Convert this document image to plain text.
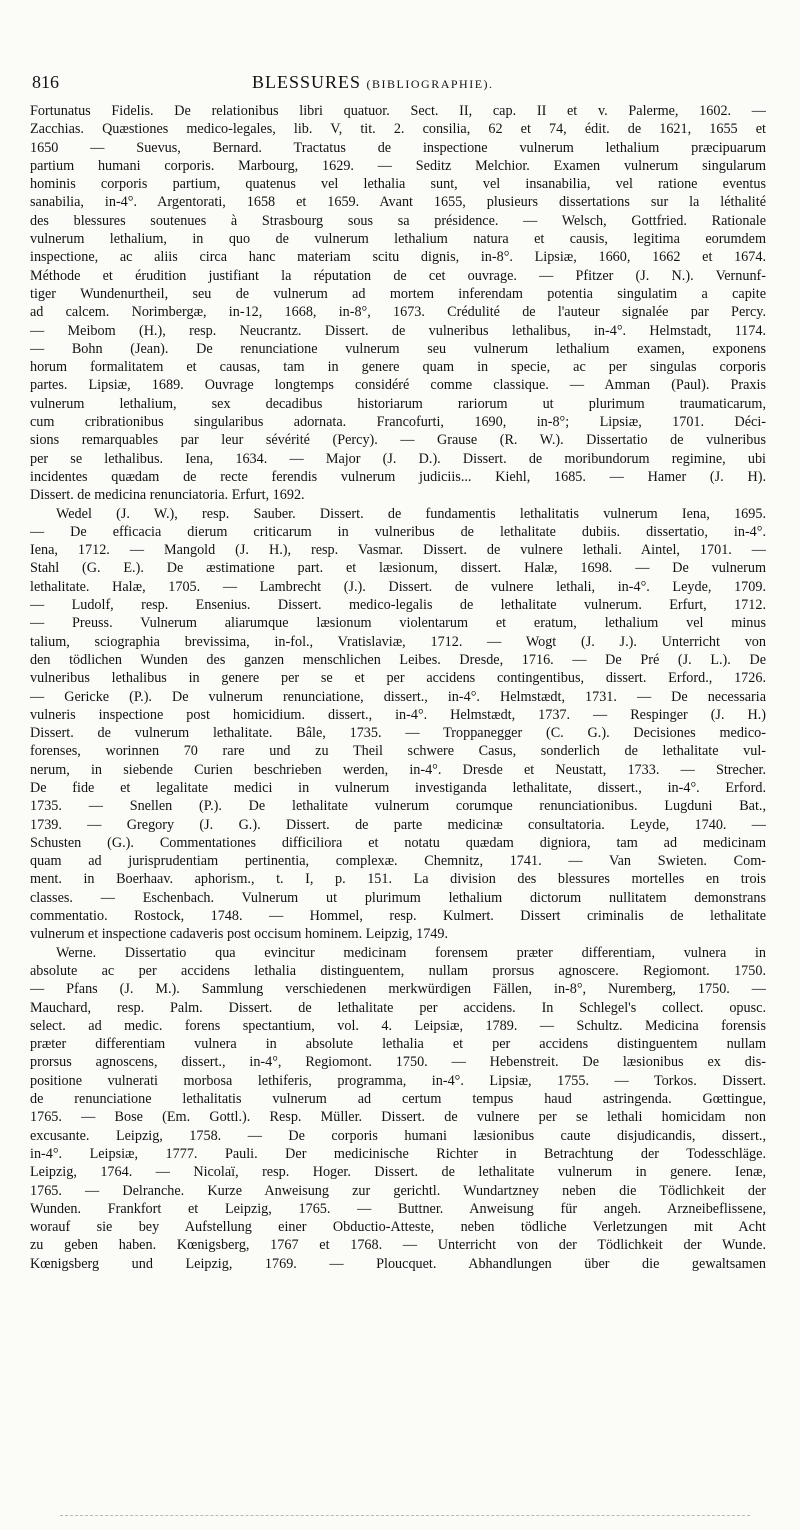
816	BLESSURES (BIBLIOGRAPHIE).
Fortunatus Fidelis. De relationibus libri quatuor. Sect. II, cap. II et v. Palerme, 1602. —
Zacchias. Quæstiones medico-legales, lib. V, tit. 2. consilia, 62 et 74, édit. de 1621, 1655 et
1650 — Suevus, Bernard. Tractatus de inspectione vulnerum lethalium præcipuarum
partium humani corporis. Marbourg, 1629. — Seditz Melchior. Examen vulnerum singularum
hominis corporis partium, quatenus vel lethalia sunt, vel insanabilia, vel ratione eventus
sanabilia, in-4°. Argentorati, 1658 et 1659. Avant 1655, plusieurs dissertations sur la léthalité
des blessures soutenues à Strasbourg sous sa présidence. — Welsch, Gottfried. Rationale
vulnerum lethalium, in quo de vulnerum lethalium natura et causis, legitima eorumdem
inspectione, ac aliis circa hanc materiam scitu dignis, in-8°. Lipsiæ, 1660, 1662 et 1674.
Méthode et érudition justifiant la réputation de cet ouvrage. — Pfitzer (J. N.). Vernunf-
tiger Wundenurtheil, seu de vulnerum ad mortem inferendam potentia singulatim a capite
ad calcem. Norimbergæ, in-12, 1668, in-8°, 1673. Crédulité de l'auteur signalée par Percy.
— Meibom (H.), resp. Neucrantz. Dissert. de vulneribus lethalibus, in-4°. Helmstadt, 1174.
— Bohn (Jean). De renunciatione vulnerum seu vulnerum lethalium examen, exponens
horum formalitatem et causas, tam in genere quam in specie, ac per singulas corporis
partes. Lipsiæ, 1689. Ouvrage longtemps considéré comme classique. — Amman (Paul). Praxis
vulnerum lethalium, sex decadibus historiarum rariorum ut plurimum traumaticarum,
cum cribrationibus singularibus adornata. Francofurti, 1690, in-8°; Lipsiæ, 1701. Déci-
sions remarquables par leur sévérité (Percy). — Grause (R. W.). Dissertatio de vulneribus
per se lethalibus. Iena, 1634. — Major (J. D.). Dissert. de moribundorum regimine, ubi
incidentes quædam de recte ferendis vulnerum judiciis... Kiehl, 1685. — Hamer (J. H).
Dissert. de medicina renunciatoria. Erfurt, 1692.
Wedel (J. W.), resp. Sauber. Dissert. de fundamentis lethalitatis vulnerum Iena, 1695.
— De efficacia dierum criticarum in vulneribus de lethalitate dubiis. dissertatio, in-4°.
Iena, 1712. — Mangold (J. H.), resp. Vasmar. Dissert. de vulnere lethali. Aintel, 1701. —
Stahl (G. E.). De æstimatione part. et læsionum, dissert. Halæ, 1698. — De vulnerum
lethalitate. Halæ, 1705. — Lambrecht (J.). Dissert. de vulnere lethali, in-4°. Leyde, 1709.
— Ludolf, resp. Ensenius. Dissert. medico-legalis de lethalitate vulnerum. Erfurt, 1712.
— Preuss. Vulnerum aliarumque læsionum violentarum et eratum, lethalium vel minus
talium, sciographia brevissima, in-fol., Vratislaviæ, 1712. — Wogt (J. J.). Unterricht von
den tödlichen Wunden des ganzen menschlichen Leibes. Dresde, 1716. — De Pré (J. L.). De
vulneribus lethalibus in genere per se et per accidens contingentibus, dissert. Erford., 1726.
— Gericke (P.). De vulnerum renunciatione, dissert., in-4°. Helmstædt, 1731. — De necessaria
vulneris inspectione post homicidium. dissert., in-4°. Helmstædt, 1737. — Respinger (J. H.)
Dissert. de vulnerum lethalitate. Bâle, 1735. — Troppanegger (C. G.). Decisiones medico-
forenses, worinnen 70 rare und zu Theil schwere Casus, sonderlich de lethalitate vul-
nerum, in siebende Curien beschrieben werden, in-4°. Dresde et Neustatt, 1733. — Strecher.
De fide et legalitate medici in vulnerum investiganda lethalitate, dissert., in-4°. Erford.
1735. — Snellen (P.). De lethalitate vulnerum corumque renunciationibus. Lugduni Bat.,
1739. — Gregory (J. G.). Dissert. de parte medicinæ consultatoria. Leyde, 1740. —
Schusten (G.). Commentationes difficiliora et notatu quædam digniora, tam ad medicinam
quam ad jurisprudentiam pertinentia, complexæ. Chemnitz, 1741. — Van Swieten. Com-
ment. in Boerhaav. aphorism., t. I, p. 151. La division des blessures mortelles en trois
classes. — Eschenbach. Vulnerum ut plurimum lethalium dictorum nullitatem demonstrans
commentatio. Rostock, 1748. — Hommel, resp. Kulmert. Dissert criminalis de lethalitate
vulnerum et inspectione cadaveris post occisum hominem. Leipzig, 1749.
Werne. Dissertatio qua evincitur medicinam forensem præter differentiam, vulnera in
absolute ac per accidens lethalia distinguentem, nullam prorsus agnoscere. Regiomont. 1750.
— Pfans (J. M.). Sammlung verschiedenen merkwürdigen Fällen, in-8°, Nuremberg, 1750. —
Mauchard, resp. Palm. Dissert. de lethalitate per accidens. In Schlegel's collect. opusc.
select. ad medic. forens spectantium, vol. 4. Leipsiæ, 1789. — Schultz. Medicina forensis
præter differentiam vulnera in absolute lethalia et per accidens distinguentem nullam
prorsus agnoscens, dissert., in-4°, Regiomont. 1750. — Hebenstreit. De læsionibus ex dis-
positione vulnerati morbosa lethiferis, programma, in-4°. Lipsiæ, 1755. — Torkos. Dissert.
de renunciatione lethalitatis vulnerum ad certum tempus haud astringenda. Gœttingue,
1765. — Bose (Em. Gottl.). Resp. Müller. Dissert. de vulnere per se lethali homicidam non
excusante. Leipzig, 1758. — De corporis humani læsionibus caute disjudicandis, dissert.,
in-4°. Leipsiæ, 1777. Pauli. Der medicinische Richter in Betrachtung der Todesschläge.
Leipzig, 1764. — Nicolaï, resp. Hoger. Dissert. de lethalitate vulnerum in genere. Ienæ,
1765. — Delranche. Kurze Anweisung zur gerichtl. Wundartzney neben die Tödlichkeit der
Wunden. Frankfort et Leipzig, 1765. — Buttner. Anweisung für angeh. Arzneibeflissene,
worauf sie bey Aufstellung einer Obductio-Atteste, neben tödliche Verletzungen mit Acht
zu geben haben. Kœnigsberg, 1767 et 1768. — Unterricht von der Tödlichkeit der Wunde.
Kœnigsberg und Leipzig, 1769. — Ploucquet. Abhandlungen über die gewaltsamen
